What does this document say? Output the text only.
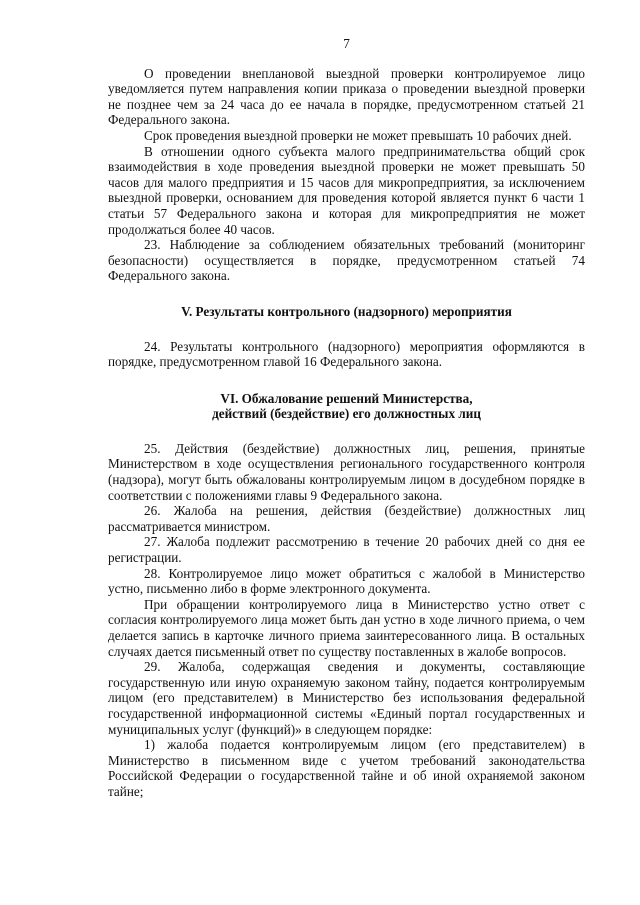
7

О проведении внеплановой выездной проверки контролируемое лицо уведомляется путем направления копии приказа о проведении выездной проверки не позднее чем за 24 часа до ее начала в порядке, предусмотренном статьей 21 Федерального закона.

Срок проведения выездной проверки не может превышать 10 рабочих дней.

В отношении одного субъекта малого предпринимательства общий срок взаимодействия в ходе проведения выездной проверки не может превышать 50 часов для малого предприятия и 15 часов для микропредприятия, за исключением выездной проверки, основанием для проведения которой является пункт 6 части 1 статьи 57 Федерального закона и которая для микропредприятия не может продолжаться более 40 часов.

23. Наблюдение за соблюдением обязательных требований (мониторинг безопасности) осуществляется в порядке, предусмотренном статьей 74 Федерального закона.

V. Результаты контрольного (надзорного) мероприятия

24. Результаты контрольного (надзорного) мероприятия оформляются в порядке, предусмотренном главой 16 Федерального закона.

VI. Обжалование решений Министерства,
действий (бездействие) его должностных лиц

25. Действия (бездействие) должностных лиц, решения, принятые Министерством в ходе осуществления регионального государственного контроля (надзора), могут быть обжалованы контролируемым лицом в досудебном порядке в соответствии с положениями главы 9 Федерального закона.

26. Жалоба на решения, действия (бездействие) должностных лиц рассматривается министром.

27. Жалоба подлежит рассмотрению в течение 20 рабочих дней со дня ее регистрации.

28. Контролируемое лицо может обратиться с жалобой в Министерство устно, письменно либо в форме электронного документа.

При обращении контролируемого лица в Министерство устно ответ с согласия контролируемого лица может быть дан устно в ходе личного приема, о чем делается запись в карточке личного приема заинтересованного лица. В остальных случаях дается письменный ответ по существу поставленных в жалобе вопросов.

29. Жалоба, содержащая сведения и документы, составляющие государственную или иную охраняемую законом тайну, подается контролируемым лицом (его представителем) в Министерство без использования федеральной государственной информационной системы «Единый портал государственных и муниципальных услуг (функций)» в следующем порядке:

1) жалоба подается контролируемым лицом (его представителем) в Министерство в письменном виде с учетом требований законодательства Российской Федерации о государственной тайне и об иной охраняемой законом тайне;
